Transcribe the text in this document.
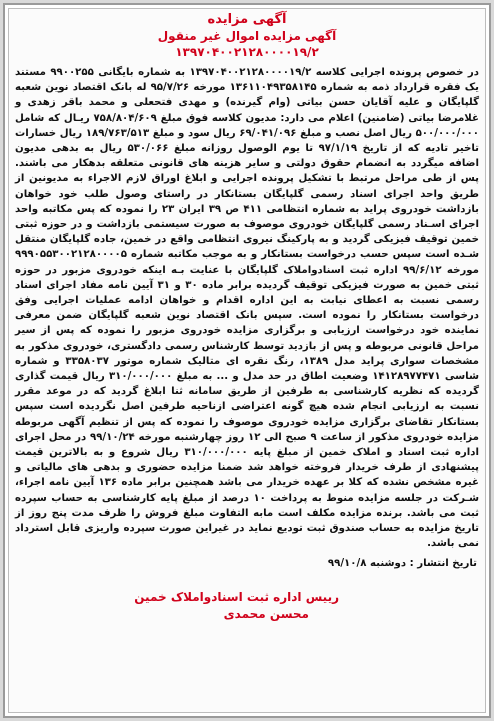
آگهی مزایده
آگهی مزایده اموال غیر منقول
۱۳۹۷۰۴۰۰۲۱۲۸۰۰۰۰۱۹/۲
در خصوص پرونده اجرایی کلاسه ۱۳۹۷۰۴۰۰۲۱۲۸۰۰۰۰۱۹/۲ به شماره بایگانی ۹۹۰۰۲۵۵ مستند یک فقره قرارداد ذمه به شماره ۱۳۶۱۱۰۴۹۳۵۸۱۴۵ مورخه ۹۵/۷/۲۶ له بانک اقتصاد نوین شعبه گلپایگان و علیه آقایان حسن بیاتی (وام گیرنده) و مهدی فتحعلی و محمد باقر زهدی و غلامرضا بیاتی (ضامنین) اعلام می دارد: مدیون کلاسه فوق مبلغ ۷۵۸/۸۰۴/۶۰۹ ریـال که شامل ۵۰۰/۰۰۰/۰۰۰ ریال اصل نصب و مبلغ ۶۹/۰۴۱/۰۹۶ ریال سود و مبلغ ۱۸۹/۷۶۳/۵۱۳ ریال خسارات تاخیر تادیه که از تاریخ ۹۷/۱/۱۹ تا یوم الوصول روزانه مبلغ ۵۳۰/۰۶۶ ریال به بدهی مدیون اضافه میگردد به انضمام حقوق دولتی و سایر هزینه های قانونی متعلقه بدهکار می باشند. پس از طی مراحل مرتبط با تشکیل پرونده اجرایی و ابلاغ اوراق لازم الاجراء به مدیونین از طریق واحد اجرای اسناد رسمی گلپایگان بستانکار در راستای وصول طلب خود خواهان بازداشت خودروی پراید به شماره انتظامی ۴۱۱ ص ۳۹ ایران ۲۳ را نموده که پس مکاتبه واحد اجرای اسـناد رسمی گلپایگان خودروی موصوف به صورت سیستمی بازداشت و در حوزه ثبتی خمین توقیف فیزیکی گردید و به پارکینگ نیروی انتظامی واقع در خمین، جاده گلپایگان منتقل شـده است سپس حسب درخواست بستانکار و به موجب مکاتبه شماره ۹۹۹۰۵۵۳۰۰۲۱۲۸۰۰۰۰۵ مورخه ۹۹/۶/۱۲ اداره ثبت اسنادواملاک گلپایگان با عنایت بـه اینکه خودروی مزبور در حوزه ثبتی خمین به صورت فیزیکی توقیف گردیده برابر ماده ۳۰ و ۳۱ آیین نامه مفاد اجرای اسناد رسمی نسبت به اعطای نیابت به این اداره اقدام و خواهان ادامه عملیات اجرایی وفق درخواست بستانکار را نموده است. سپس بانک اقتصاد نوین شعبه گلپایگان ضمن معرفی نماینده خود درخواست ارزیابی و برگزاری مزایده خودروی مزبور را نموده که پس از سیر مراحل قانونی مربوطه و پس از بازدید توسط کارشناس رسمی دادگستری، خودروی مذکور به مشخصات سواری پراید مدل ۱۳۸۹، رنگ نقره ای متالیک شماره موتور ۳۳۵۸۰۳۷ و شماره شاسی ۱۴۱۲۸۹۷۷۴۷۱ وضعیت اطاق در حد مدل و ... به مبلغ ۳۱۰/۰۰۰/۰۰۰ ریال قیمت گذاری گردیده که نظریه کارشناسی به طرفین از طریق سامانه ثنا ابلاغ گردید که در موعد مقرر نسبت به ارزیابی انجام شده هیچ گونه اعتراضی ازناحیه طرفین اصل نگردیده است سپس بستانکار تقاضای برگزاری مزایده خودروی موصوف را نموده که پس از تنظیم آگهی مربوطه مزایده خودروی مذکور از ساعت ۹ صبح الی ۱۲ روز چهارشنبه مورخه ۹۹/۱۰/۲۴ در محل اجرای اداره ثبت اسناد و املاک خمین از مبلغ پایه ۳۱۰/۰۰۰/۰۰۰ ریال شروع و به بالاترین قیمت پیشنهادی از طرف خریدار فروخته خواهد شد ضمنا مزایده حضوری و بدهی های مالیاتی و غیره مشخص نشده که کلا بر عهده خریدار می باشد همچنین برابر ماده ۱۳۶ آیین نامه اجراء، شـرکت در جلسه مزایده منوط به پرداخت ۱۰ درصد از مبلغ پایه کارشناسی به حساب سپرده ثبت می باشد. برنده مزایده مکلف است مابه التفاوت مبلغ فروش را ظرف مدت پنج روز از تاریخ مزایده به حساب صندوق ثبت تودیع نماید در غیراین صورت سپرده واریزی قابل استرداد نمی باشد.
تاریخ انتشار : دوشنبه ۹۹/۱۰/۸
رییس اداره ثبت اسنادواملاک خمین
محسن محمدی
